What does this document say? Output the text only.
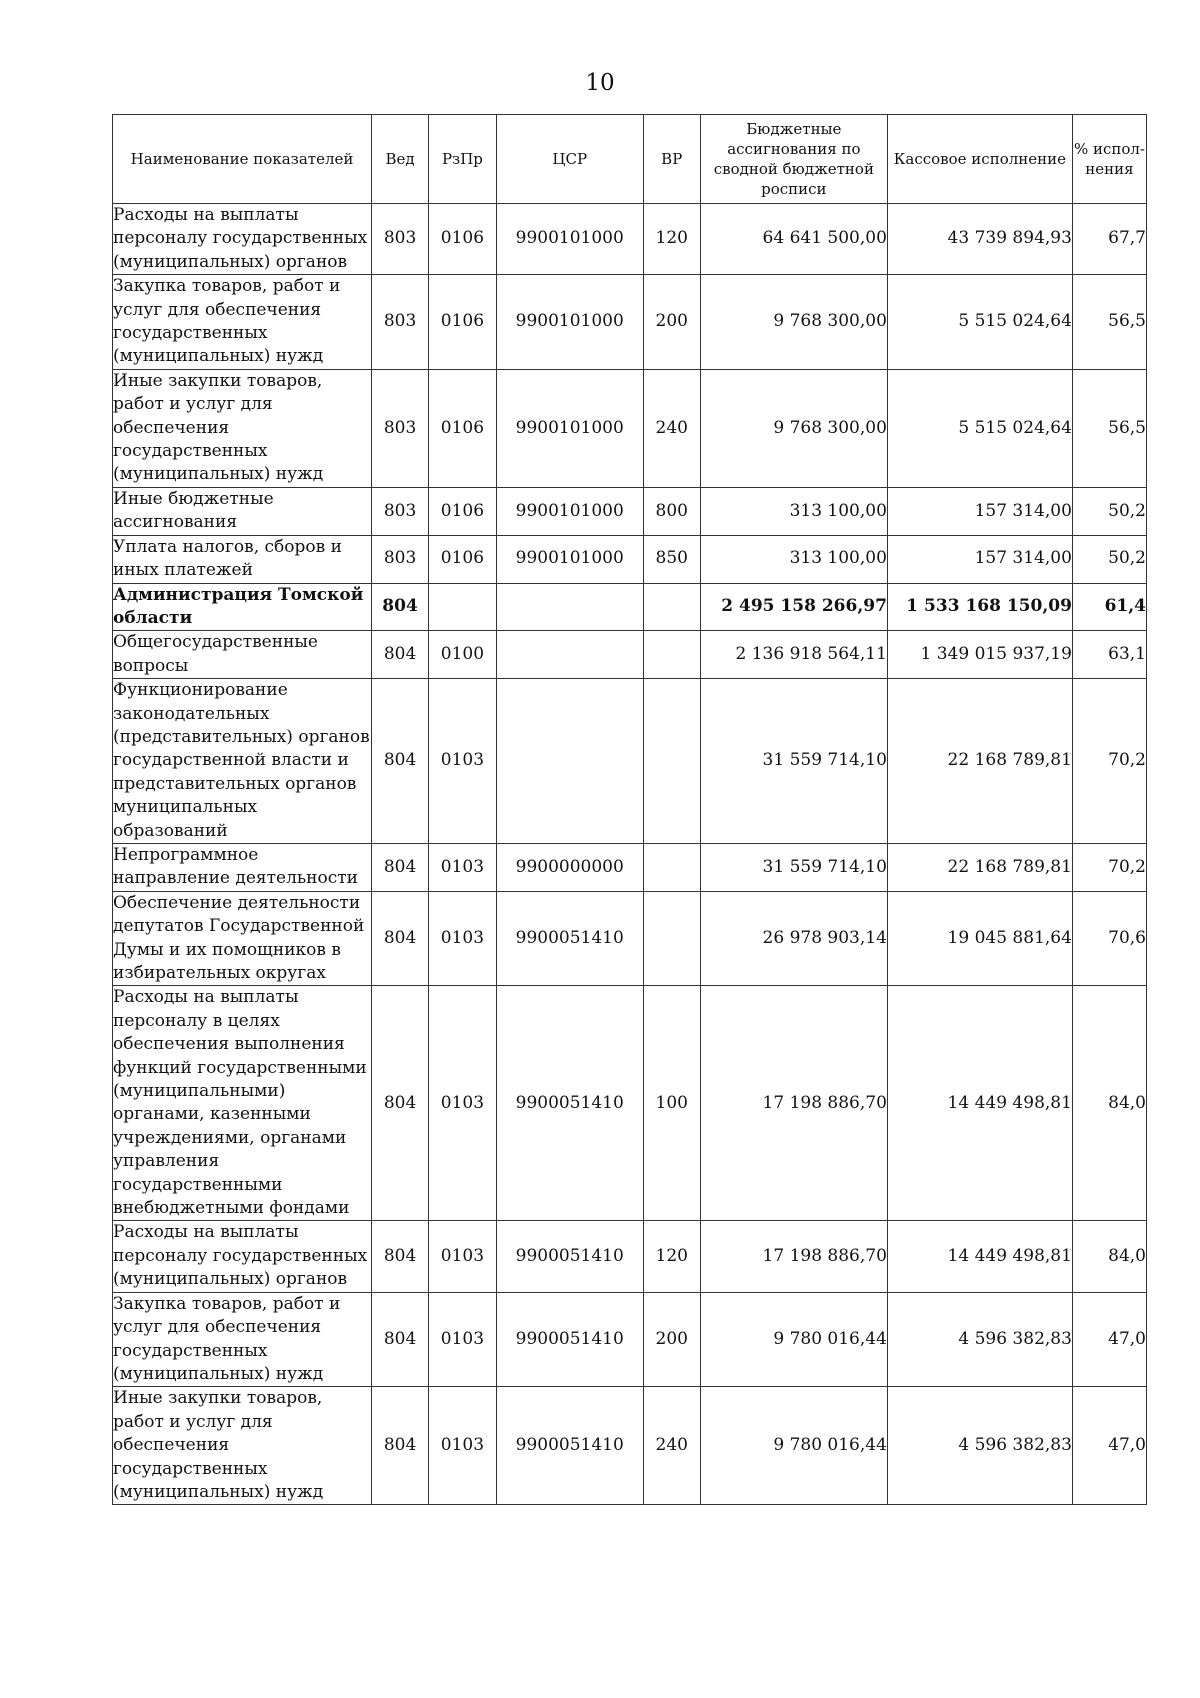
10
Наименование показателей	Вед	РзПр	ЦСР	ВР	Бюджетные ассигнования по сводной бюджетной росписи	Кассовое исполнение	% испол-нения
Расходы на выплаты персоналу государственных (муниципальных) органов	803	0106	9900101000	120	64 641 500,00	43 739 894,93	67,7
Закупка товаров, работ и услуг для обеспечения государственных (муниципальных) нужд	803	0106	9900101000	200	9 768 300,00	5 515 024,64	56,5
Иные закупки товаров, работ и услуг для обеспечения государственных (муниципальных) нужд	803	0106	9900101000	240	9 768 300,00	5 515 024,64	56,5
Иные бюджетные ассигнования	803	0106	9900101000	800	313 100,00	157 314,00	50,2
Уплата налогов, сборов и иных платежей	803	0106	9900101000	850	313 100,00	157 314,00	50,2
Администрация Томской области	804				2 495 158 266,97	1 533 168 150,09	61,4
Общегосударственные вопросы	804	0100			2 136 918 564,11	1 349 015 937,19	63,1
Функционирование законодательных (представительных) органов государственной власти и представительных органов муниципальных образований	804	0103			31 559 714,10	22 168 789,81	70,2
Непрограммное направление деятельности	804	0103	9900000000		31 559 714,10	22 168 789,81	70,2
Обеспечение деятельности депутатов Государственной Думы и их помощников в избирательных округах	804	0103	9900051410		26 978 903,14	19 045 881,64	70,6
Расходы на выплаты персоналу в целях обеспечения выполнения функций государственными (муниципальными) органами, казенными учреждениями, органами управления государственными внебюджетными фондами	804	0103	9900051410	100	17 198 886,70	14 449 498,81	84,0
Расходы на выплаты персоналу государственных (муниципальных) органов	804	0103	9900051410	120	17 198 886,70	14 449 498,81	84,0
Закупка товаров, работ и услуг для обеспечения государственных (муниципальных) нужд	804	0103	9900051410	200	9 780 016,44	4 596 382,83	47,0
Иные закупки товаров, работ и услуг для обеспечения государственных (муниципальных) нужд	804	0103	9900051410	240	9 780 016,44	4 596 382,83	47,0
